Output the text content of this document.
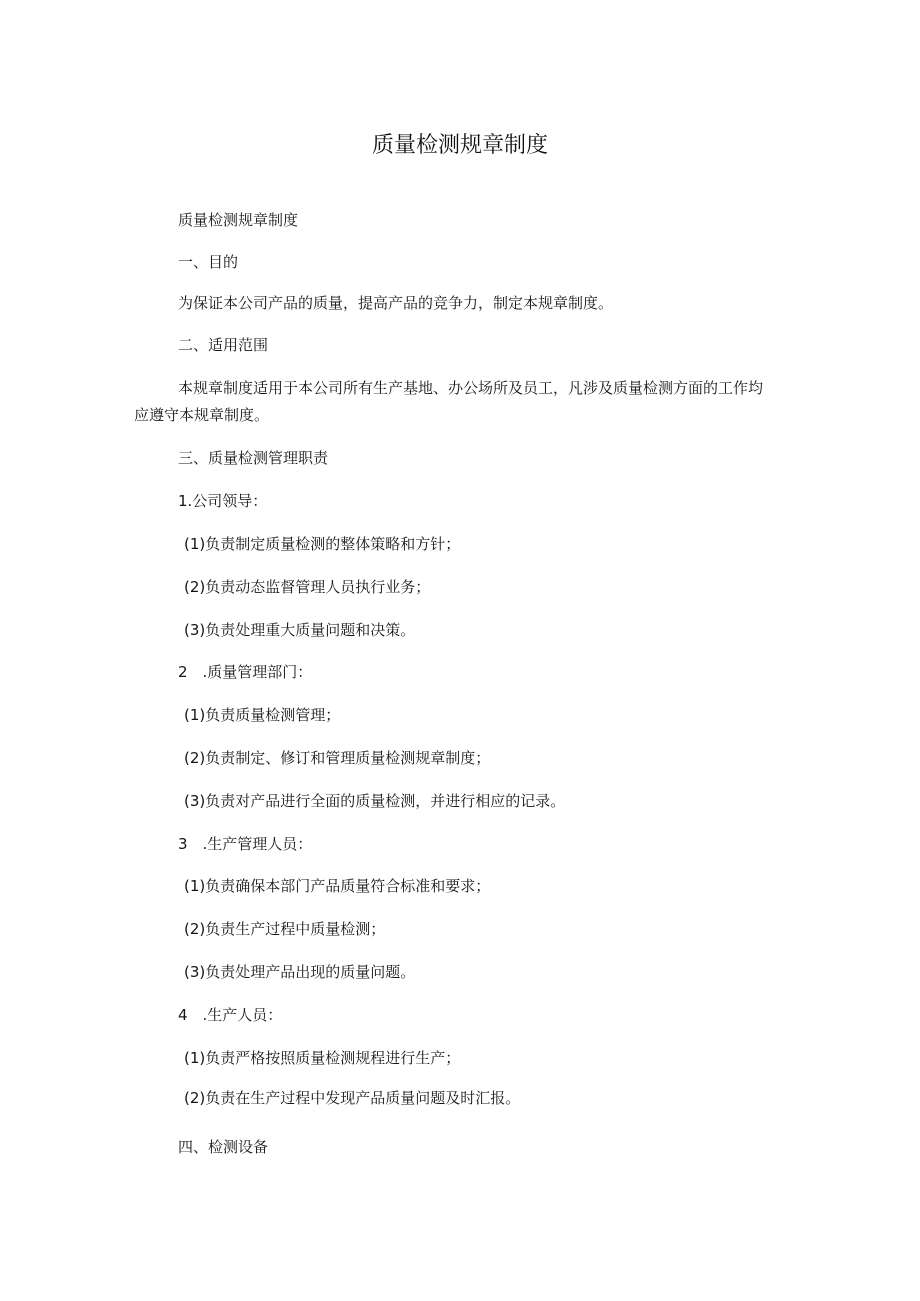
质量检测规章制度
质量检测规章制度
一、目的
为保证本公司产品的质量，提高产品的竞争力，制定本规章制度。
二、适用范围
本规章制度适用于本公司所有生产基地、办公场所及员工，凡涉及质量检测方面的工作均
应遵守本规章制度。
三、质量检测管理职责
1.公司领导：
(1)负责制定质量检测的整体策略和方针；
(2)负责动态监督管理人员执行业务；
(3)负责处理重大质量问题和决策。
2　.质量管理部门：
(1)负责质量检测管理；
(2)负责制定、修订和管理质量检测规章制度；
(3)负责对产品进行全面的质量检测，并进行相应的记录。
3　.生产管理人员：
(1)负责确保本部门产品质量符合标准和要求；
(2)负责生产过程中质量检测；
(3)负责处理产品出现的质量问题。
4　.生产人员：
(1)负责严格按照质量检测规程进行生产；
(2)负责在生产过程中发现产品质量问题及时汇报。
四、检测设备
